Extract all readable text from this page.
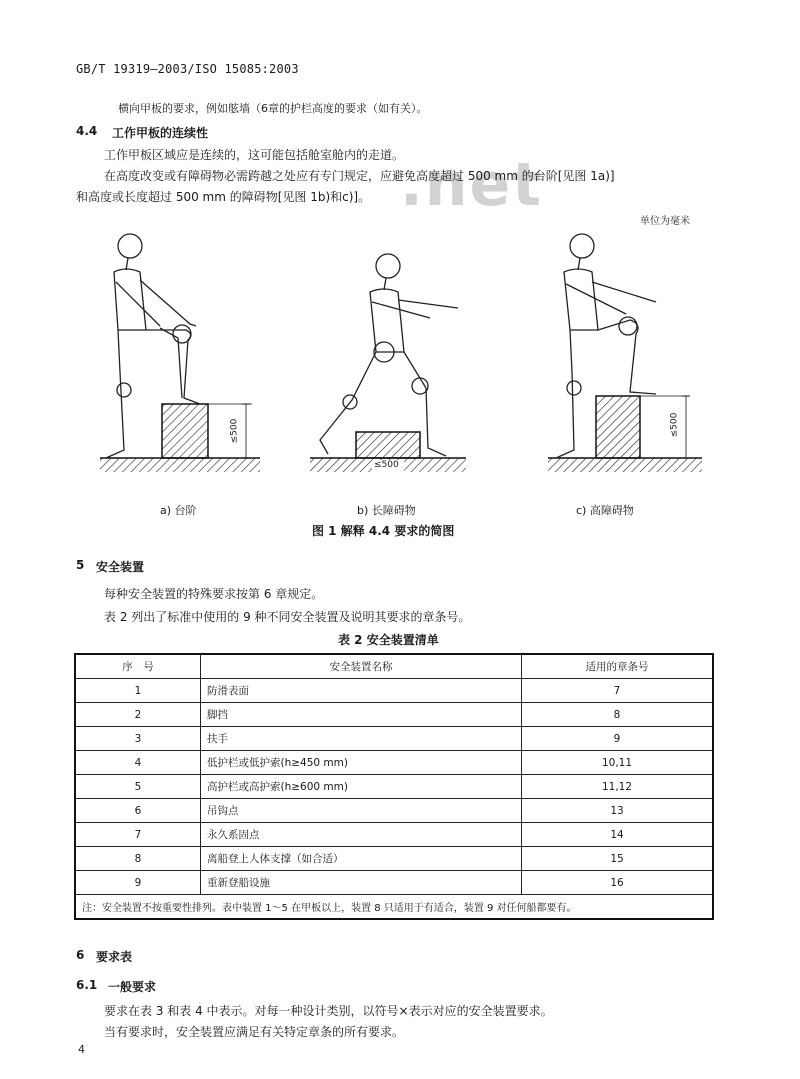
GB/T 19319—2003/ISO 15085:2003
.net
横向甲板的要求，例如舷墙（6章的护栏高度的要求（如有关）。
4.4 工作甲板的连续性
工作甲板区域应是连续的，这可能包括舱室舱内的走道。
在高度改变或有障碍物必需跨越之处应有专门规定，应避免高度超过 500 mm 的台阶[见图 1a)]
和高度或长度超过 500 mm 的障碍物[见图 1b)和c)]。
单位为毫米
≤500
≤500
≤500
a) 台阶	b) 长障碍物	c) 高障碍物
图 1 解释 4.4 要求的简图
5 安全装置
每种安全装置的特殊要求按第 6 章规定。
表 2 列出了标准中使用的 9 种不同安全装置及说明其要求的章条号。
表 2 安全装置清单
序　号	安全装置名称	适用的章条号
1	防滑表面	7
2	脚挡	8
3	扶手	9
4	低护栏或低护索(h≥450 mm)	10,11
5	高护栏或高护索(h≥600 mm)	11,12
6	吊钩点	13
7	永久系固点	14
8	离船登上人体支撑（如合适）	15
9	重新登船设施	16
注：安全装置不按重要性排列。表中装置 1～5 在甲板以上，装置 8 只适用于有适合，装置 9 对任何船都要有。		
6 要求表
6.1 一般要求
要求在表 3 和表 4 中表示。对每一种设计类别，以符号×表示对应的安全装置要求。
当有要求时，安全装置应满足有关特定章条的所有要求。
4
